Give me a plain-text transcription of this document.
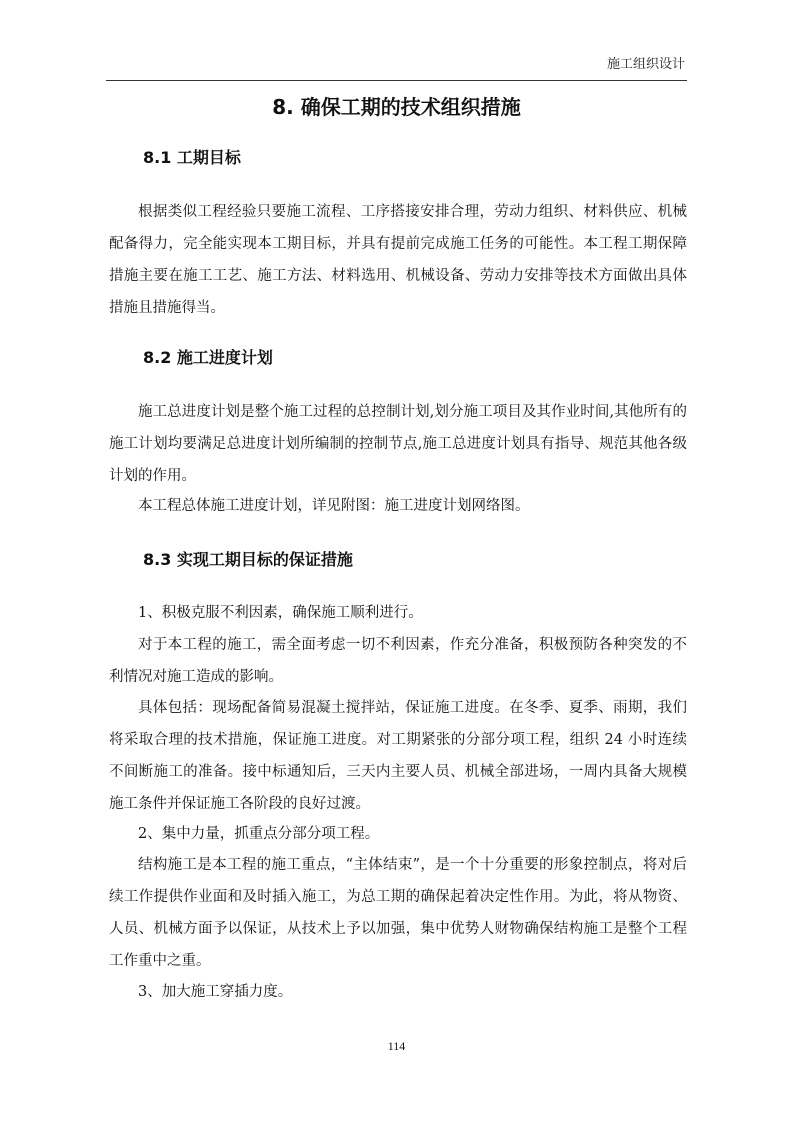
施工组织设计
8. 确保工期的技术组织措施
8.1 工期目标

根据类似工程经验只要施工流程、工序搭接安排合理，劳动力组织、材料供应、机械配备得力，完全能实现本工期目标，并具有提前完成施工任务的可能性。本工程工期保障措施主要在施工工艺、施工方法、材料选用、机械设备、劳动力安排等技术方面做出具体措施且措施得当。

8.2 施工进度计划

施工总进度计划是整个施工过程的总控制计划,划分施工项目及其作业时间,其他所有的施工计划均要满足总进度计划所编制的控制节点,施工总进度计划具有指导、规范其他各级计划的作用。

本工程总体施工进度计划，详见附图：施工进度计划网络图。

8.3 实现工期目标的保证措施

1、积极克服不利因素，确保施工顺利进行。

对于本工程的施工，需全面考虑一切不利因素，作充分准备，积极预防各种突发的不利情况对施工造成的影响。

具体包括：现场配备简易混凝土搅拌站，保证施工进度。在冬季、夏季、雨期，我们将采取合理的技术措施，保证施工进度。对工期紧张的分部分项工程，组织 24 小时连续不间断施工的准备。接中标通知后，三天内主要人员、机械全部进场，一周内具备大规模施工条件并保证施工各阶段的良好过渡。

2、集中力量，抓重点分部分项工程。

结构施工是本工程的施工重点，“主体结束”，是一个十分重要的形象控制点，将对后续工作提供作业面和及时插入施工，为总工期的确保起着决定性作用。为此，将从物资、人员、机械方面予以保证，从技术上予以加强，集中优势人财物确保结构施工是整个工程工作重中之重。

3、加大施工穿插力度。

114
